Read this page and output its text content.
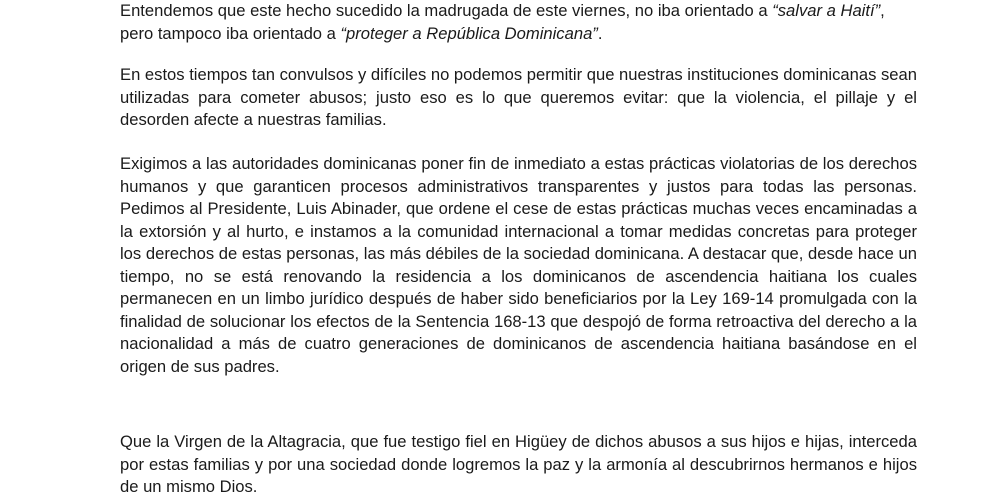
Entendemos que este hecho sucedido la madrugada de este viernes, no iba orientado a “salvar a Haití”,
pero tampoco iba orientado a “proteger a República Dominicana”.

En estos tiempos tan convulsos y difíciles no podemos permitir que nuestras instituciones dominicanas sean utilizadas para cometer abusos; justo eso es lo que queremos evitar: que la violencia, el pillaje y el desorden afecte a nuestras familias.

Exigimos a las autoridades dominicanas poner fin de inmediato a estas prácticas violatorias de los derechos humanos y que garanticen procesos administrativos transparentes y justos para todas las personas. Pedimos al Presidente, Luis Abinader, que ordene el cese de estas prácticas muchas veces encaminadas a la extorsión y al hurto, e instamos a la comunidad internacional a tomar medidas concretas para proteger los derechos de estas personas, las más débiles de la sociedad dominicana. A destacar que, desde hace un tiempo, no se está renovando la residencia a los dominicanos de ascendencia haitiana los cuales permanecen en un limbo jurídico después de haber sido beneficiarios por la Ley 169-14 promulgada con la finalidad de solucionar los efectos de la Sentencia 168-13 que despojó de forma retroactiva del derecho a la nacionalidad a más de cuatro generaciones de dominicanos de ascendencia haitiana basándose en el origen de sus padres.

Que la Virgen de la Altagracia, que fue testigo fiel en Higüey de dichos abusos a sus hijos e hijas, interceda por estas familias y por una sociedad donde logremos la paz y la armonía al descubrirnos hermanos e hijos de un mismo Dios.
